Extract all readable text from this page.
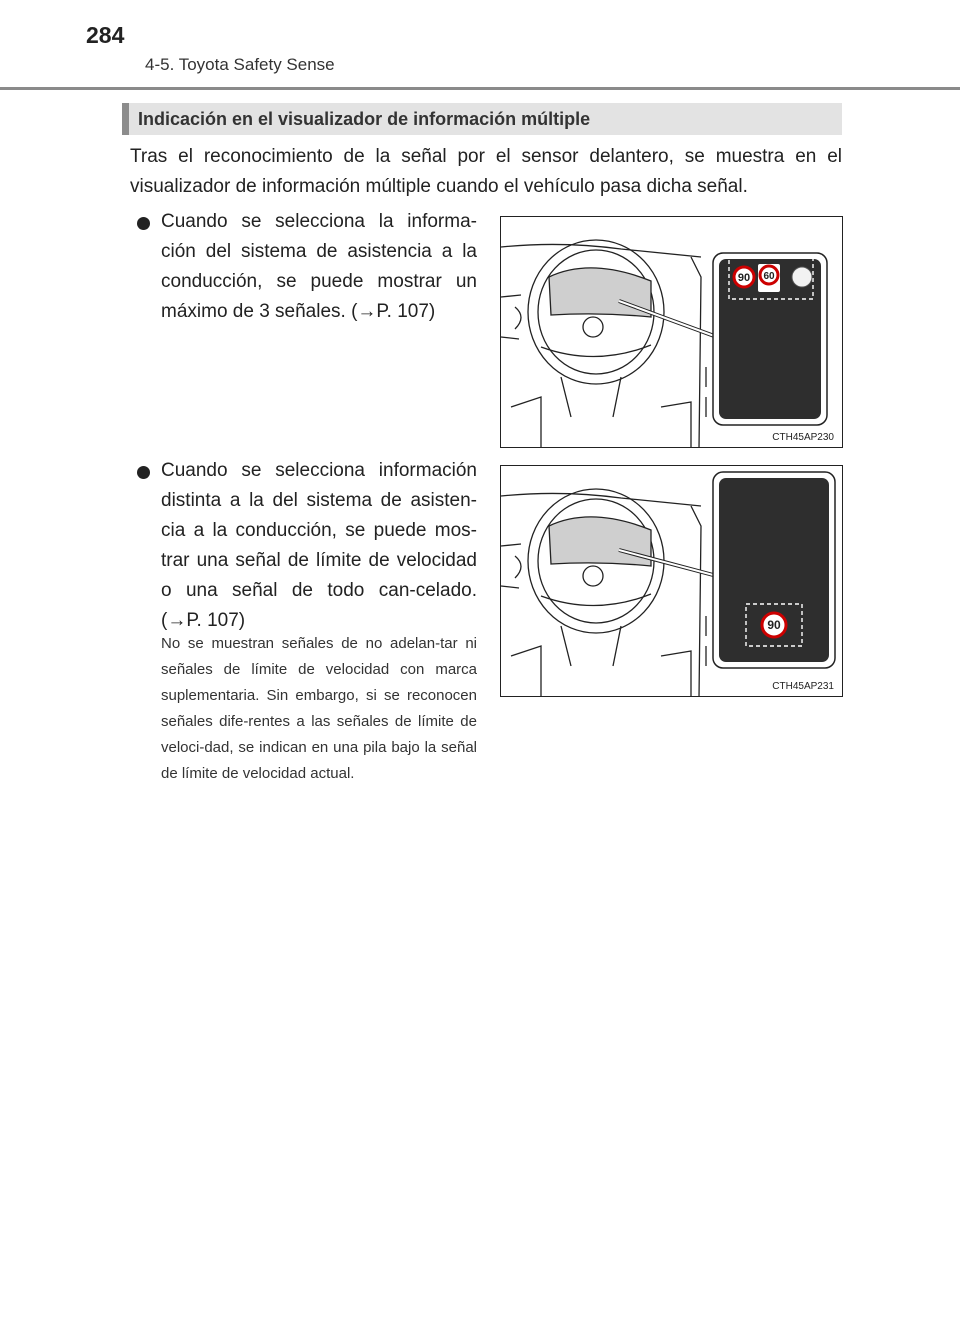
284
4-5. Toyota Safety Sense
Indicación en el visualizador de información múltiple
Tras el reconocimiento de la señal por el sensor delantero, se muestra en el visualizador de información múltiple cuando el vehículo pasa dicha señal.
Cuando se selecciona la informa-ción del sistema de asistencia a la conducción, se puede mostrar un máximo de 3 señales. (→P. 107)
Cuando se selecciona información distinta a la del sistema de asisten-cia a la conducción, se puede mos-trar una señal de límite de velocidad o una señal de todo can-celado. (→P. 107)
No se muestran señales de no adelan-tar ni señales de límite de velocidad con marca suplementaria. Sin embargo, si se reconocen señales dife-rentes a las señales de límite de veloci-dad, se indican en una pila bajo la señal de límite de velocidad actual.
90 60
CTH45AP230
90
CTH45AP231
